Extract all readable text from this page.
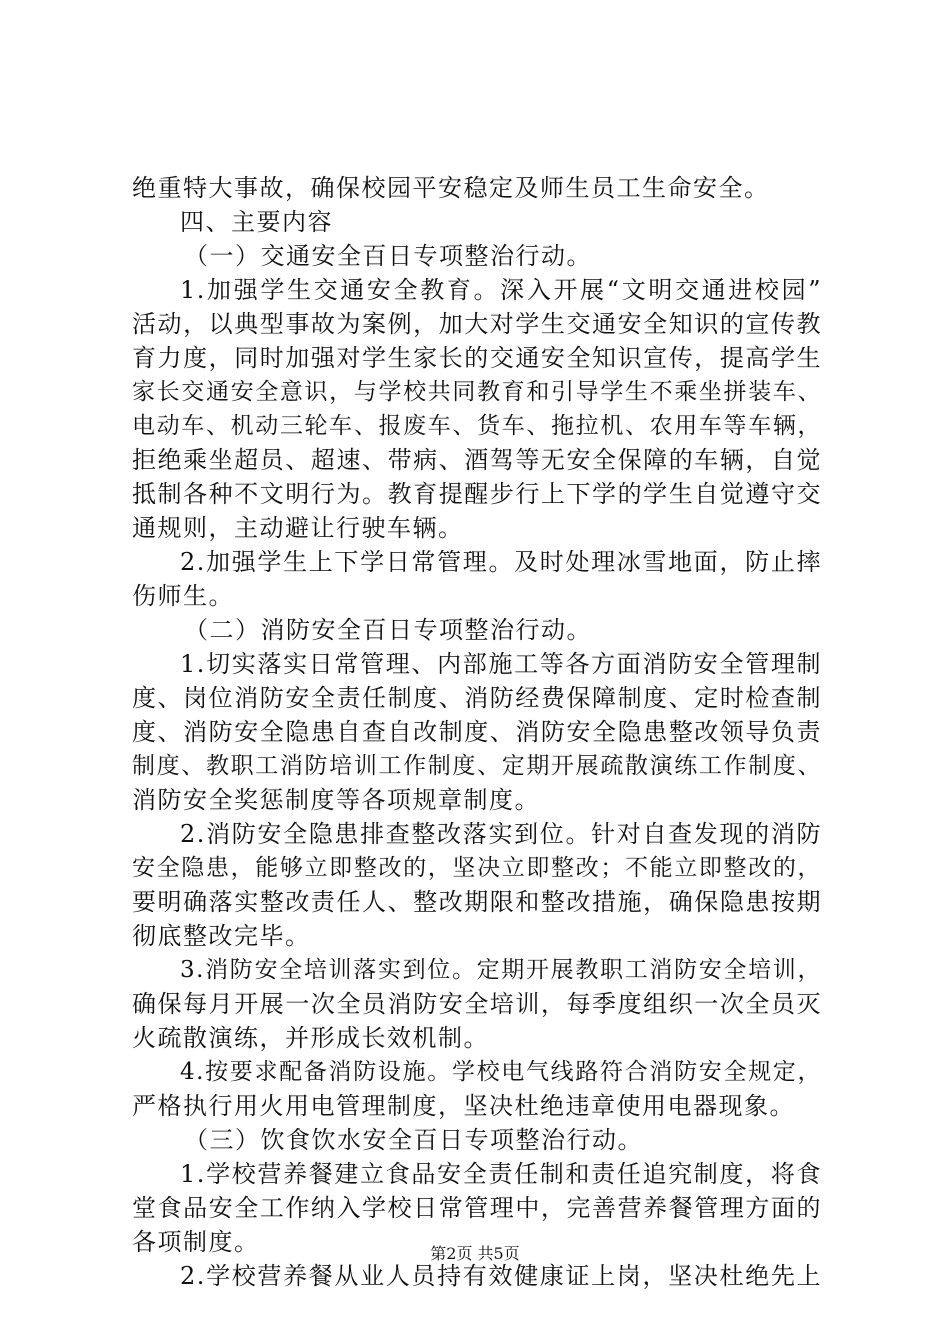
绝重特大事故，确保校园平安稳定及师生员工生命安全。
四、主要内容
（一）交通安全百日专项整治行动。
1.加强学生交通安全教育。深入开展“文明交通进校园”
活动，以典型事故为案例，加大对学生交通安全知识的宣传教
育力度，同时加强对学生家长的交通安全知识宣传，提高学生
家长交通安全意识，与学校共同教育和引导学生不乘坐拼装车、
电动车、机动三轮车、报废车、货车、拖拉机、农用车等车辆，
拒绝乘坐超员、超速、带病、酒驾等无安全保障的车辆，自觉
抵制各种不文明行为。教育提醒步行上下学的学生自觉遵守交
通规则，主动避让行驶车辆。
2.加强学生上下学日常管理。及时处理冰雪地面，防止摔
伤师生。
（二）消防安全百日专项整治行动。
1.切实落实日常管理、内部施工等各方面消防安全管理制
度、岗位消防安全责任制度、消防经费保障制度、定时检查制
度、消防安全隐患自查自改制度、消防安全隐患整改领导负责
制度、教职工消防培训工作制度、定期开展疏散演练工作制度、
消防安全奖惩制度等各项规章制度。
2.消防安全隐患排查整改落实到位。针对自查发现的消防
安全隐患，能够立即整改的，坚决立即整改；不能立即整改的，
要明确落实整改责任人、整改期限和整改措施，确保隐患按期
彻底整改完毕。
3.消防安全培训落实到位。定期开展教职工消防安全培训，
确保每月开展一次全员消防安全培训，每季度组织一次全员灭
火疏散演练，并形成长效机制。
4.按要求配备消防设施。学校电气线路符合消防安全规定，
严格执行用火用电管理制度，坚决杜绝违章使用电器现象。
（三）饮食饮水安全百日专项整治行动。
1.学校营养餐建立食品安全责任制和责任追究制度，将食
堂食品安全工作纳入学校日常管理中，完善营养餐管理方面的
各项制度。
2.学校营养餐从业人员持有效健康证上岗，坚决杜绝先上
第2页 共5页
